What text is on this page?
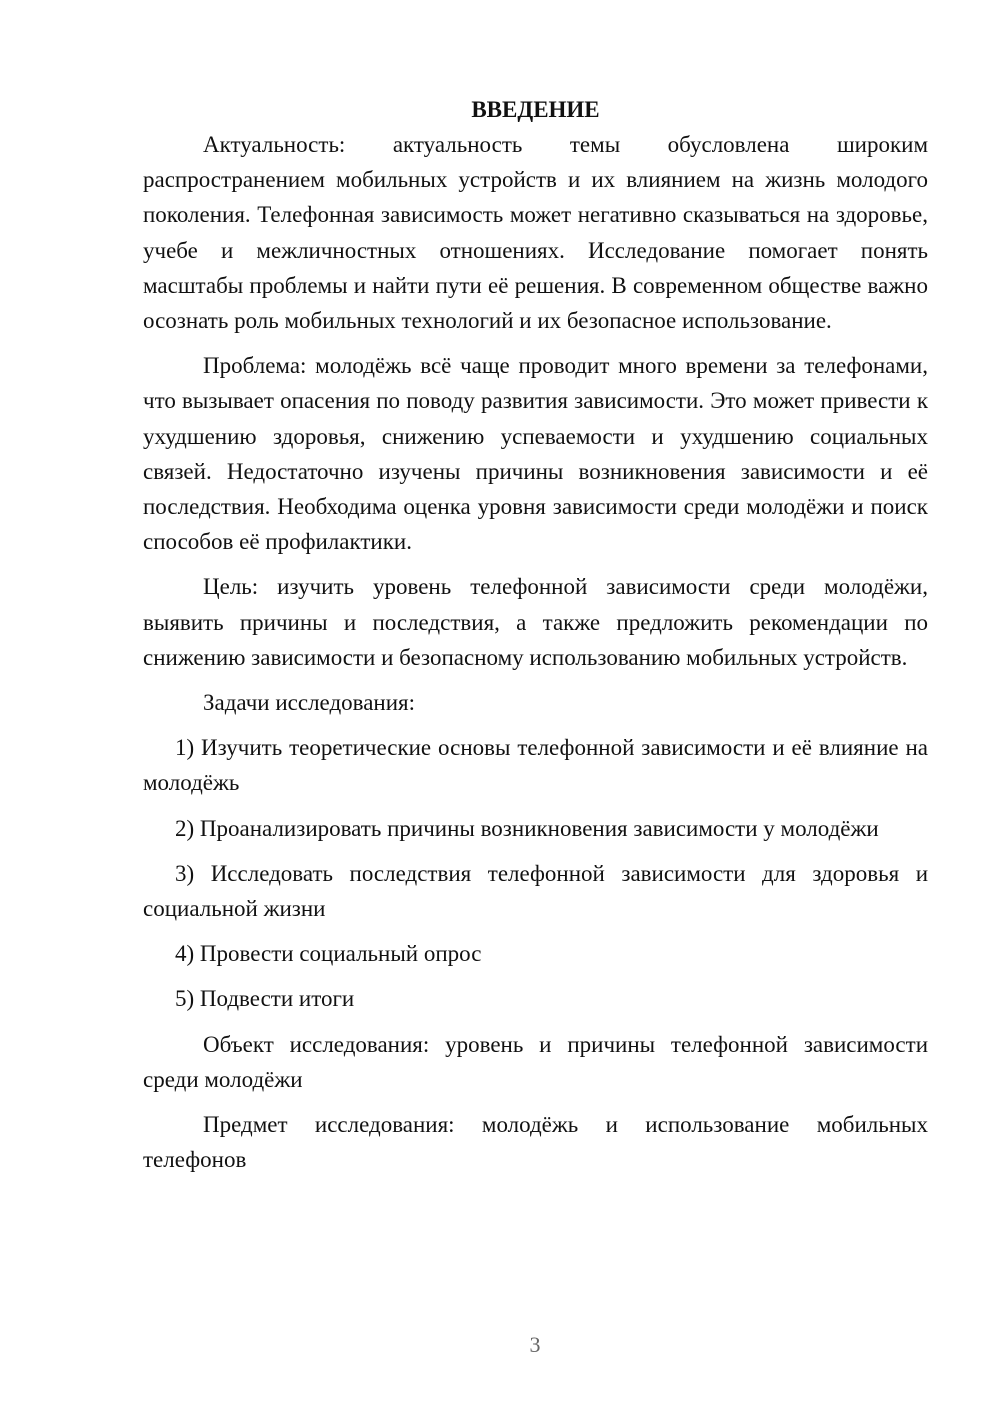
ВВЕДЕНИЕ

Актуальность: актуальность темы обусловлена широким распространением мобильных устройств и их влиянием на жизнь молодого поколения. Телефонная зависимость может негативно сказываться на здоровье, учебе и межличностных отношениях. Исследование помогает понять масштабы проблемы и найти пути её решения. В современном обществе важно осознать роль мобильных технологий и их безопасное использование.

Проблема: молодёжь всё чаще проводит много времени за телефонами, что вызывает опасения по поводу развития зависимости. Это может привести к ухудшению здоровья, снижению успеваемости и ухудшению социальных связей. Недостаточно изучены причины возникновения зависимости и её последствия. Необходима оценка уровня зависимости среди молодёжи и поиск способов её профилактики.

Цель: изучить уровень телефонной зависимости среди молодёжи, выявить причины и последствия, а также предложить рекомендации по снижению зависимости и безопасному использованию мобильных устройств.

Задачи исследования:

1) Изучить теоретические основы телефонной зависимости и её влияние на молодёжь

2) Проанализировать причины возникновения зависимости у молодёжи

3) Исследовать последствия телефонной зависимости для здоровья и социальной жизни

4) Провести социальный опрос

5) Подвести итоги

Объект исследования: уровень и причины телефонной зависимости среди молодёжи

Предмет исследования: молодёжь и использование мобильных телефонов

3
